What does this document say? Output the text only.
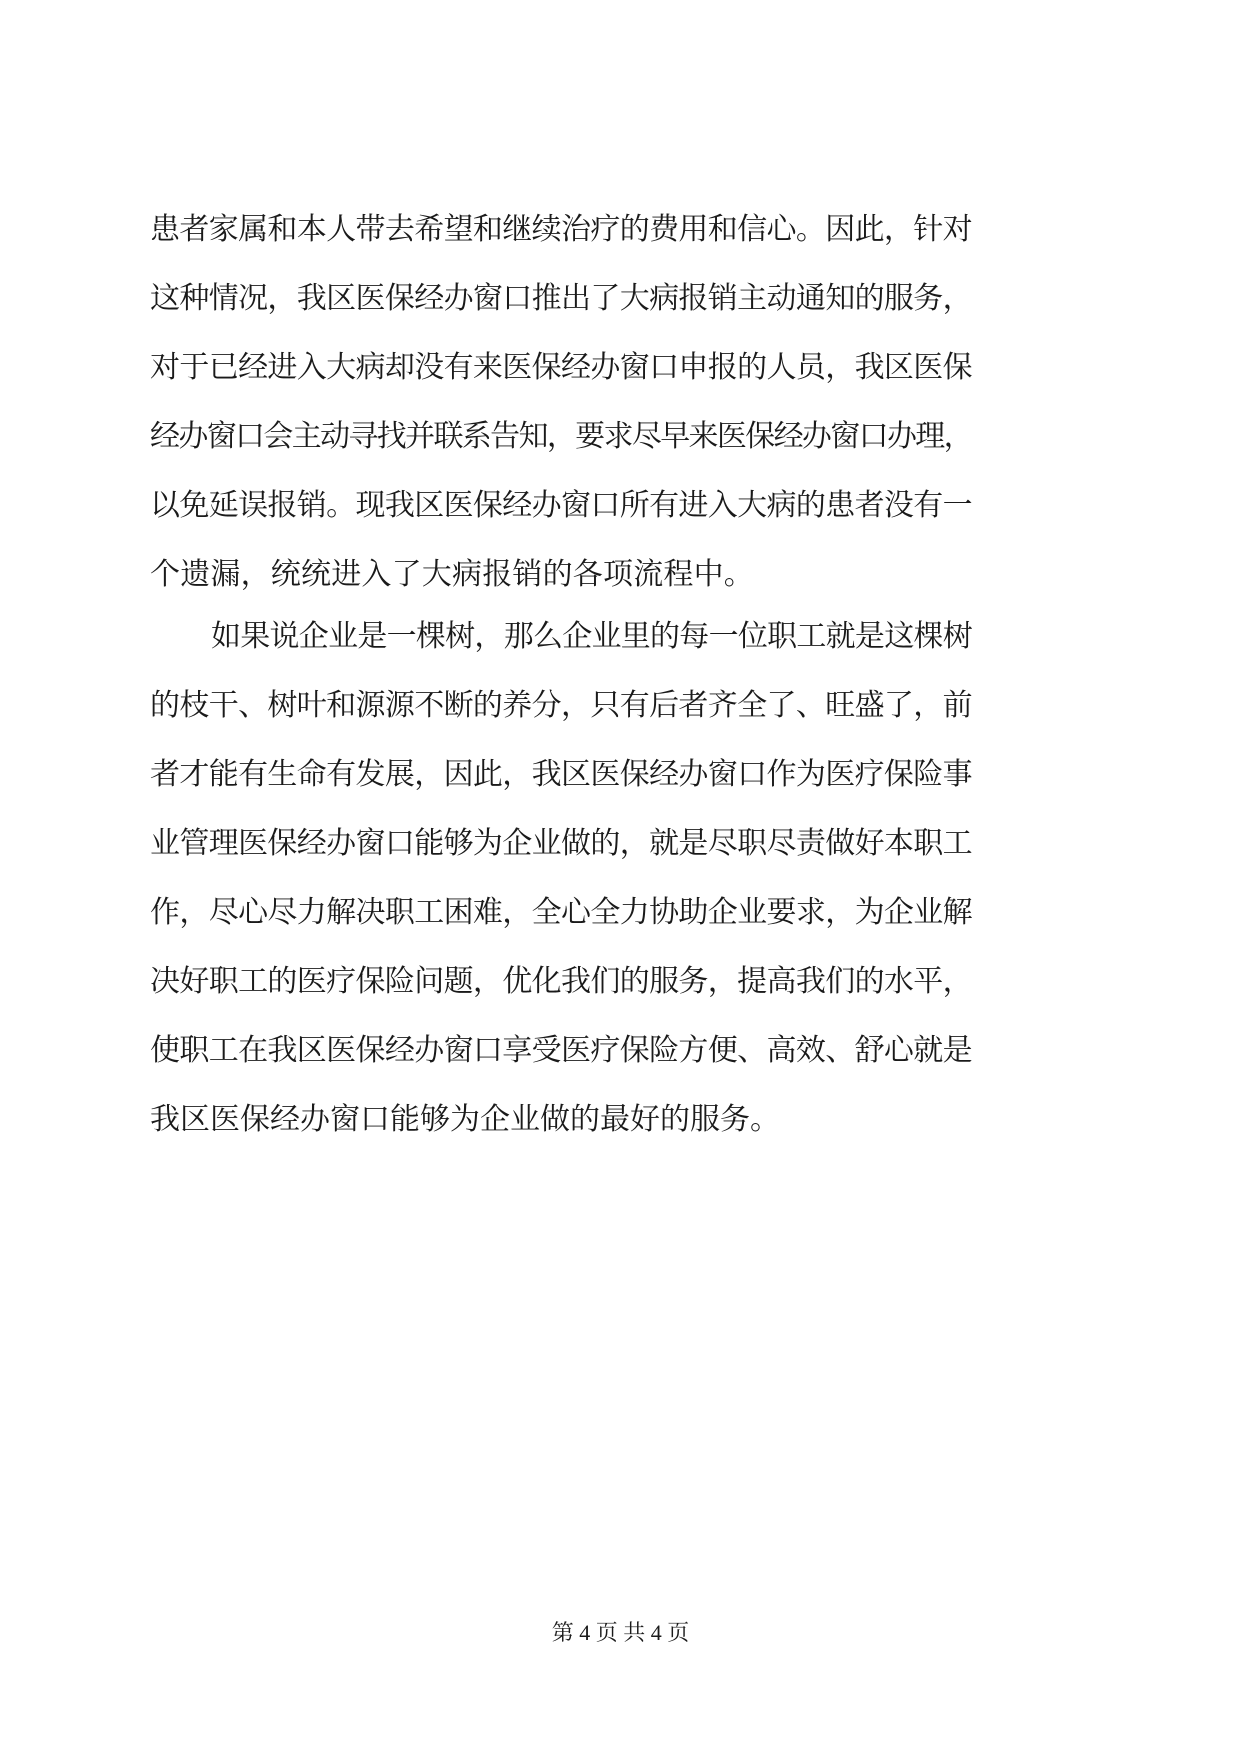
患者家属和本人带去希望和继续治疗的费用和信心。因此，针对

这种情况，我区医保经办窗口推出了大病报销主动通知的服务，

对于已经进入大病却没有来医保经办窗口申报的人员，我区医保

经办窗口会主动寻找并联系告知，要求尽早来医保经办窗口办理，

以免延误报销。现我区医保经办窗口所有进入大病的患者没有一

个遗漏，统统进入了大病报销的各项流程中。

如果说企业是一棵树，那么企业里的每一位职工就是这棵树

的枝干、树叶和源源不断的养分，只有后者齐全了、旺盛了，前

者才能有生命有发展，因此，我区医保经办窗口作为医疗保险事

业管理医保经办窗口能够为企业做的，就是尽职尽责做好本职工

作，尽心尽力解决职工困难，全心全力协助企业要求，为企业解

决好职工的医疗保险问题，优化我们的服务，提高我们的水平，

使职工在我区医保经办窗口享受医疗保险方便、高效、舒心就是

我区医保经办窗口能够为企业做的最好的服务。

第 4 页 共 4 页
